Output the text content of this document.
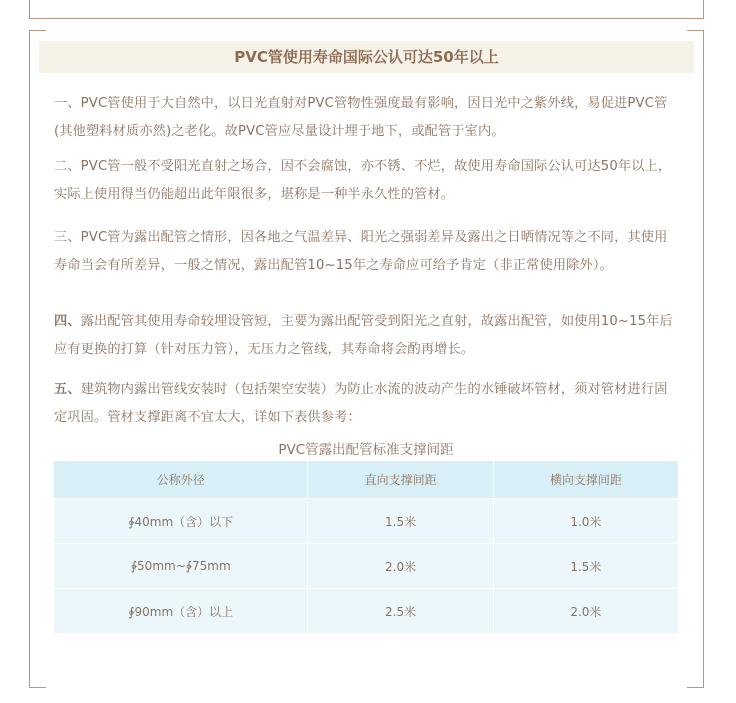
PVC管使用寿命国际公认可达50年以上

一、PVC管使用于大自然中，以日光直射对PVC管物性强度最有影响，因日光中之紫外线，易促进PVC管(其他塑料材质亦然)之老化。故PVC管应尽量设计埋于地下，或配管于室内。

二、PVC管一般不受阳光直射之场合，因不会腐蚀，亦不锈、不烂，故使用寿命国际公认可达50年以上，实际上使用得当仍能超出此年限很多，堪称是一种半永久性的管材。

三、PVC管为露出配管之情形，因各地之气温差异、阳光之强弱差异及露出之日晒情况等之不同，其使用寿命当会有所差异，一般之情况，露出配管10~15年之寿命应可给予肯定（非正常使用除外）。

四、露出配管其使用寿命较埋设管短，主要为露出配管受到阳光之直射，故露出配管，如使用10~15年后应有更换的打算（针对压力管），无压力之管线，其寿命将会酌再增长。

五、建筑物内露出管线安装时（包括架空安装）为防止水流的波动产生的水锤破坏管材，须对管材进行固定巩固。管材支撑距离不宜太大，详如下表供参考：

PVC管露出配管标准支撑间距
公称外径	直向支撑间距	横向支撑间距
∲40mm（含）以下	1.5米	1.0米
∲50mm~∲75mm	2.0米	1.5米
∲90mm（含）以上	2.5米	2.0米
